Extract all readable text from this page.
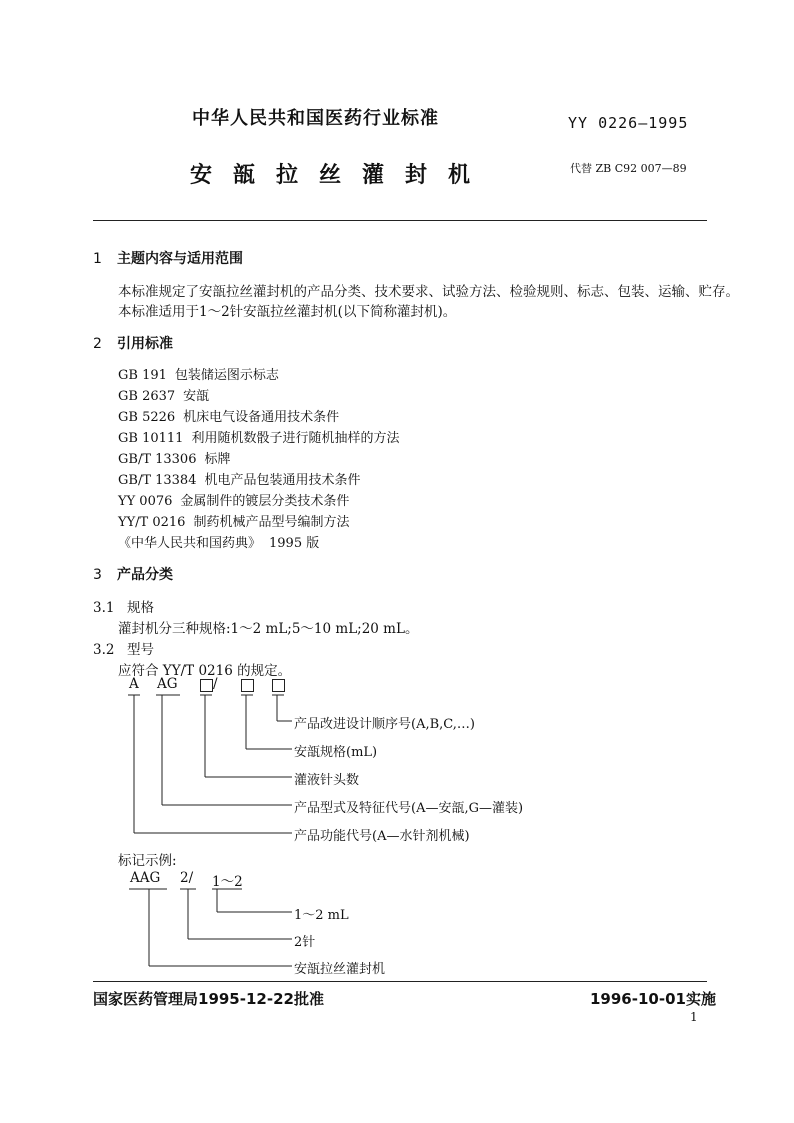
中华人民共和国医药行业标准	YY 0226—1995
安瓿拉丝灌封机	代替 ZB C92 007—89
1 主题内容与适用范围
本标准规定了安瓿拉丝灌封机的产品分类、技术要求、试验方法、检验规则、标志、包装、运输、贮存。
本标准适用于1～2针安瓿拉丝灌封机(以下简称灌封机)。
2 引用标准
GB 191 包装储运图示标志
GB 2637 安瓿
GB 5226 机床电气设备通用技术条件
GB 10111 利用随机数骰子进行随机抽样的方法
GB/T 13306 标牌
GB/T 13384 机电产品包装通用技术条件
YY 0076 金属制件的镀层分类技术条件
YY/T 0216 制药机械产品型号编制方法
《中华人民共和国药典》 1995 版
3 产品分类
3.1 规格
灌封机分三种规格:1～2 mL;5～10 mL;20 mL。
3.2 型号
应符合 YY/T 0216 的规定。
A AG	/
产品改进设计顺序号(A,B,C,…)
安瓿规格(mL)
灌液针头数
产品型式及特征代号(A—安瓿,G—灌装)
产品功能代号(A—水针剂机械)
标记示例:
AAG 2/ 1～2
1～2 mL
2针
安瓿拉丝灌封机
国家医药管理局1995-12-22批准	1996-10-01实施
1
